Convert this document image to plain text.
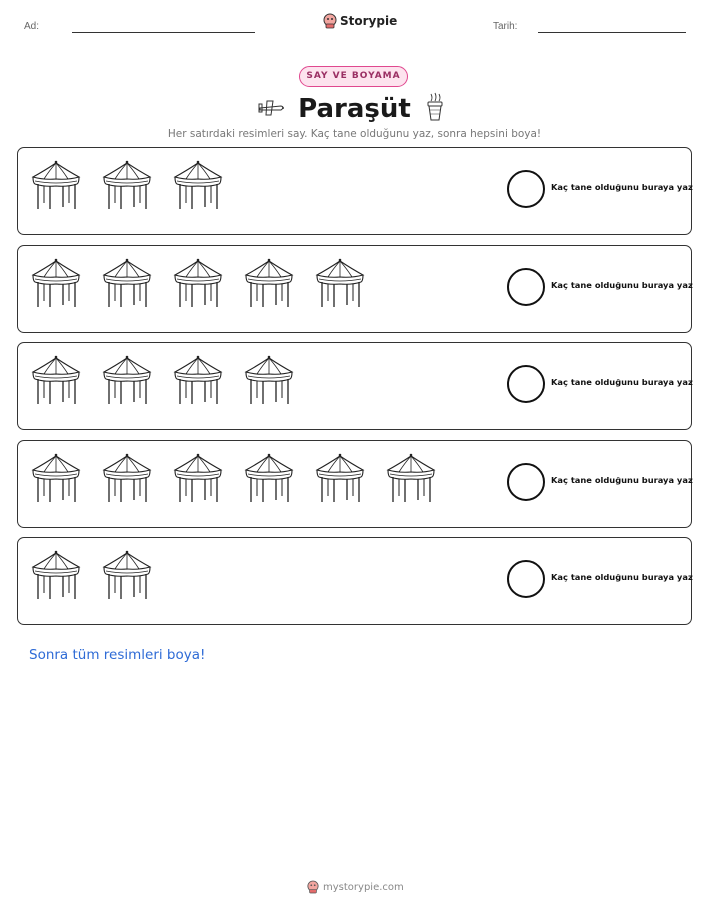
Ad:	Storypie	Tarih:
SAY VE BOYAMA
Paraşüt
Her satırdaki resimleri say. Kaç tane olduğunu yaz, sonra hepsini boya!
Kaç tane olduğunu buraya yaz
Kaç tane olduğunu buraya yaz
Kaç tane olduğunu buraya yaz
Kaç tane olduğunu buraya yaz
Kaç tane olduğunu buraya yaz
Sonra tüm resimleri boya!
mystorypie.com
